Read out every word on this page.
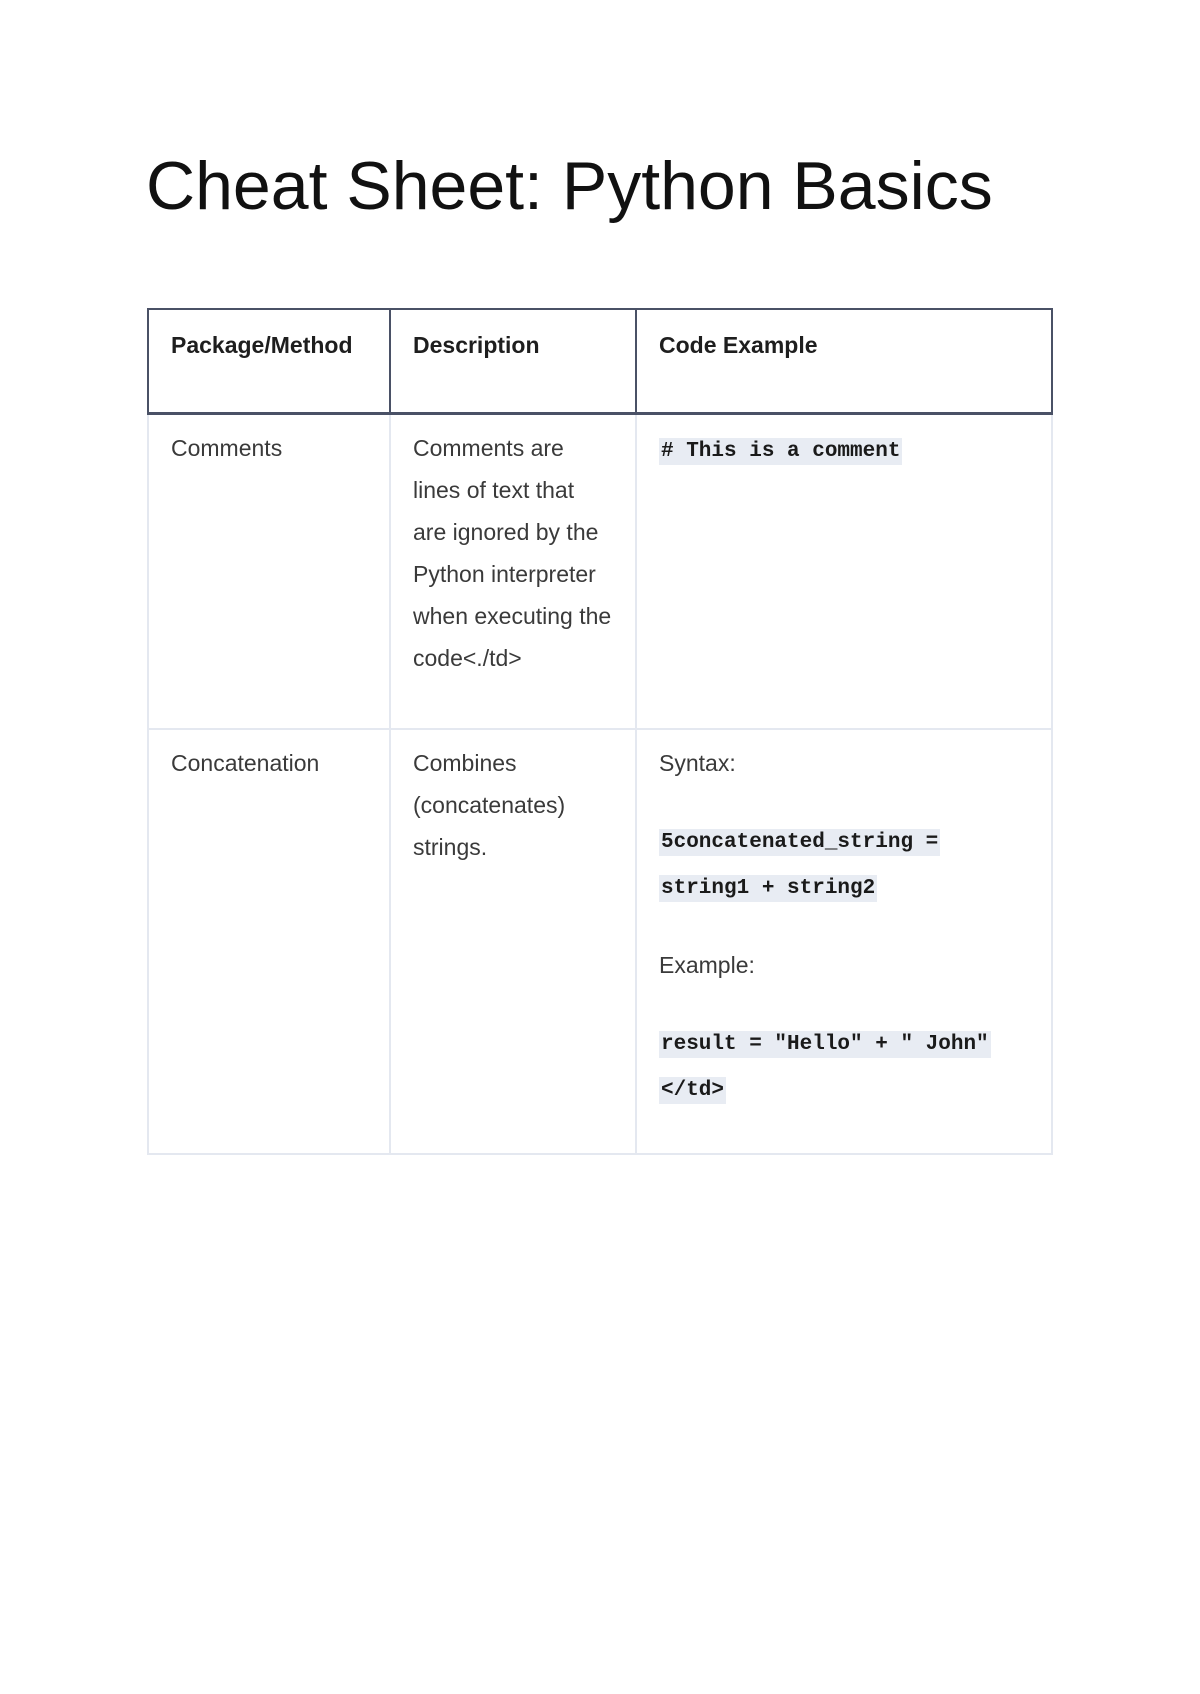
Cheat Sheet: Python Basics
Package/Method	Description	Code Example
Comments	Comments are lines of text that are ignored by the Python interpreter when executing the code<./td>	# This is a comment
Concatenation	Combines (concatenates) strings.	Syntax:
5concatenated_string = string1 + string2
Example:
result = "Hello" + " John"</td>
